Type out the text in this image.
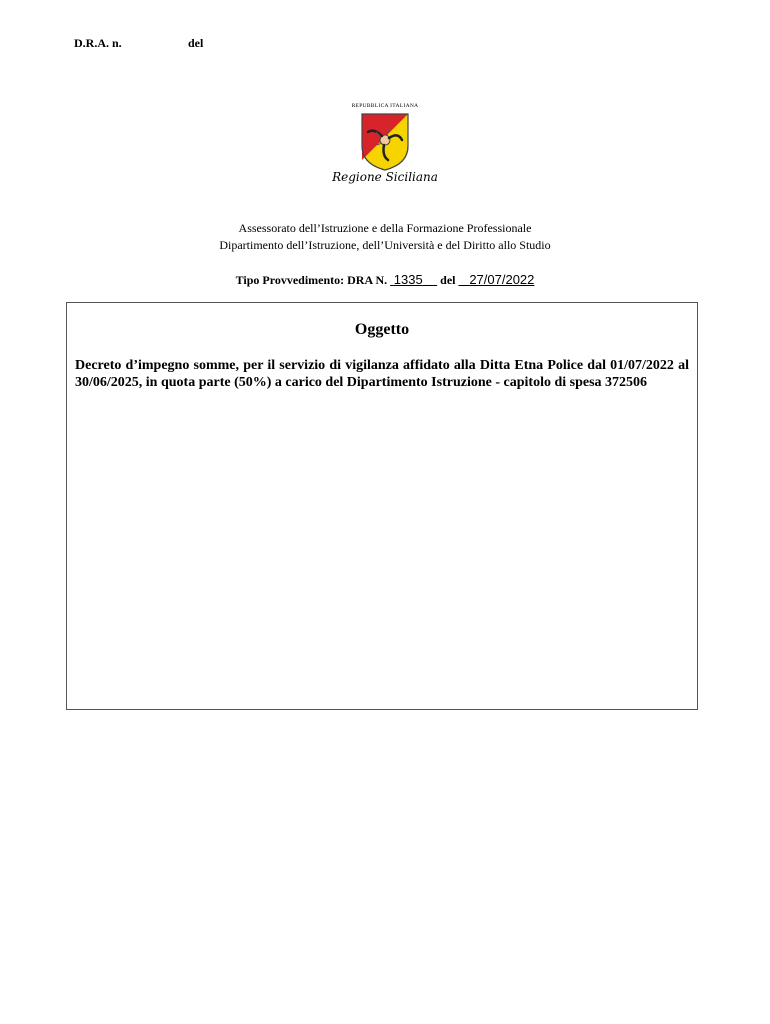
D.R.A. n.	del
REPUBBLICA ITALIANA
Regione Siciliana
Assessorato dell’Istruzione e della Formazione Professionale
Dipartimento dell’Istruzione, dell’Università e del Diritto allo Studio
Tipo Provvedimento: DRA N. 1335 del 27/07/2022
Oggetto
Decreto d’impegno somme, per il servizio di vigilanza affidato alla Ditta Etna Police dal 01/07/2022 al 30/06/2025, in quota parte (50%) a carico del Dipartimento Istruzione - capitolo di spesa 372506
